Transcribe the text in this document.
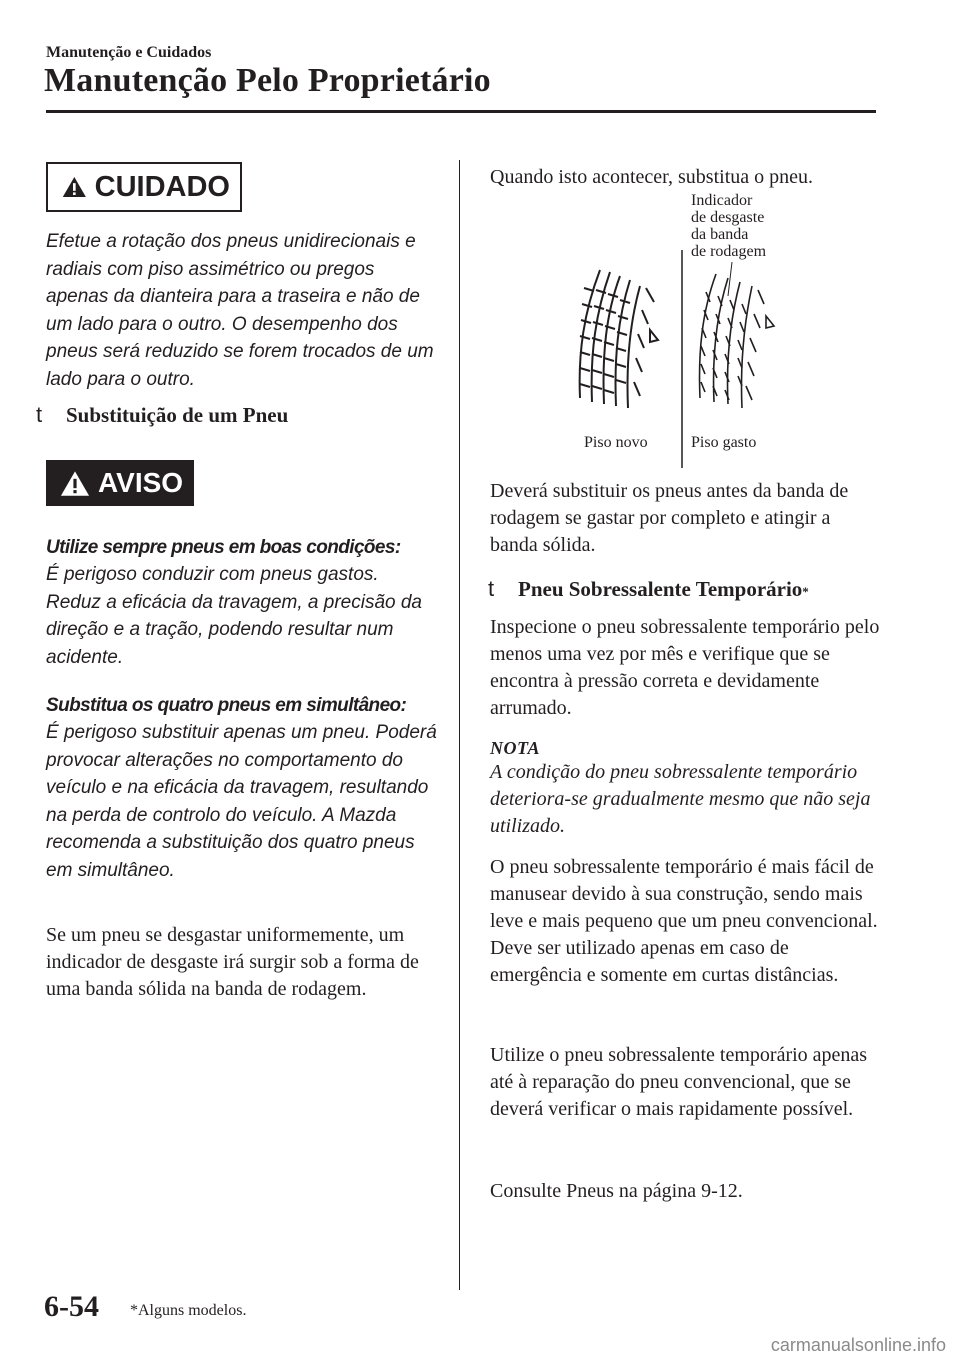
Manutenção e Cuidados
Manutenção Pelo Proprietário
CUIDADO

Efetue a rotação dos pneus unidirecionais e radiais com piso assimétrico ou pregos apenas da dianteira para a traseira e não de um lado para o outro. O desempenho dos pneus será reduzido se forem trocados de um lado para o outro.

t	Substituição de um Pneu
AVISO

Utilize sempre pneus em boas condições:

É perigoso conduzir com pneus gastos. Reduz a eficácia da travagem, a precisão da direção e a tração, podendo resultar num acidente.

Substitua os quatro pneus em simultâneo:

É perigoso substituir apenas um pneu. Poderá provocar alterações no comportamento do veículo e na eficácia da travagem, resultando na perda de controlo do veículo. A Mazda recomenda a substituição dos quatro pneus em simultâneo.

Se um pneu se desgastar uniformemente, um indicador de desgaste irá surgir sob a forma de uma banda sólida na banda de rodagem.

Quando isto acontecer, substitua o pneu.

Indicador
de desgaste
da banda
de rodagem
Piso novo	Piso gasto

Deverá substituir os pneus antes da banda de rodagem se gastar por completo e atingir a banda sólida.

t	Pneu Sobressalente Temporário *

Inspecione o pneu sobressalente temporário pelo menos uma vez por mês e verifique que se encontra à pressão correta e devidamente arrumado.

NOTA

A condição do pneu sobressalente temporário deteriora-se gradualmente mesmo que não seja utilizado.

O pneu sobressalente temporário é mais fácil de manusear devido à sua construção, sendo mais leve e mais pequeno que um pneu convencional. Deve ser utilizado apenas em caso de emergência e somente em curtas distâncias.

Utilize o pneu sobressalente temporário apenas até à reparação do pneu convencional, que se deverá verificar o mais rapidamente possível.

Consulte Pneus na página 9-12.

6-54 *Alguns modelos.
carmanualsonline.info
